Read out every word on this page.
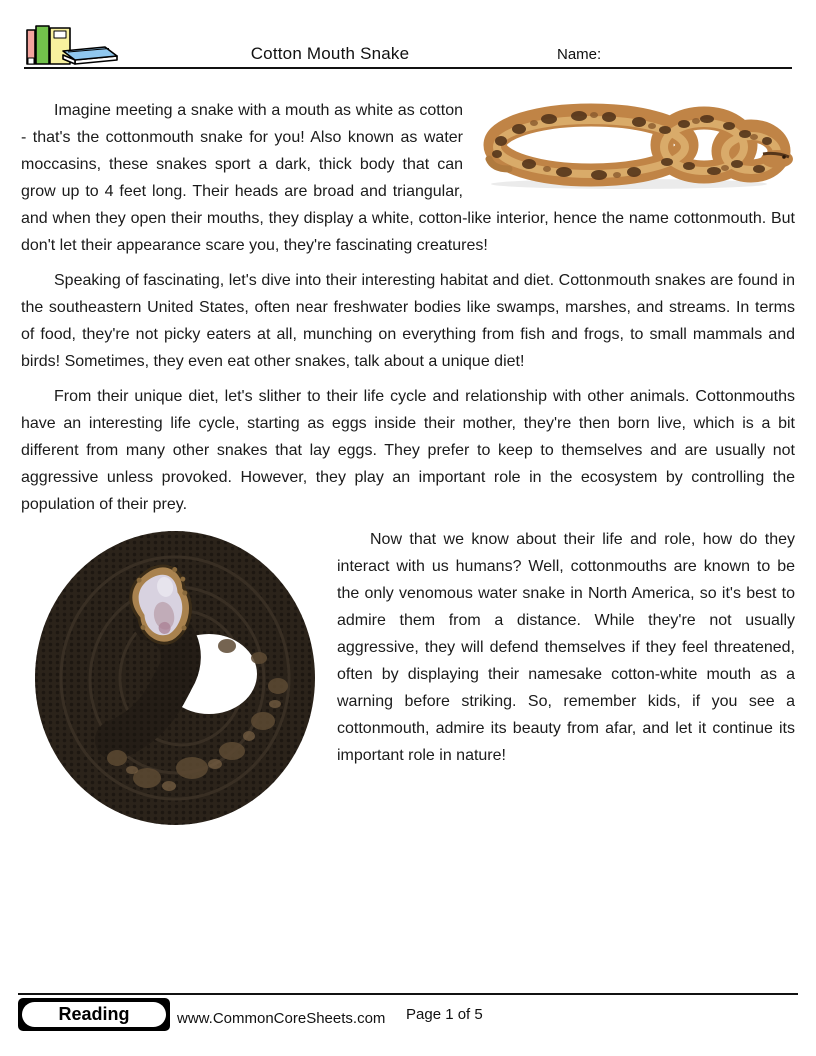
Cotton Mouth Snake	Name:
Imagine meeting a snake with a mouth as white as cotton - that's the cottonmouth snake for you! Also known as water moccasins, these snakes sport a dark, thick body that can grow up to 4 feet long. Their heads are broad and triangular, and when they open their mouths, they display a white, cotton-like interior, hence the name cottonmouth. But don't let their appearance scare you, they're fascinating creatures!
Speaking of fascinating, let's dive into their interesting habitat and diet. Cottonmouth snakes are found in the southeastern United States, often near freshwater bodies like swamps, marshes, and streams. In terms of food, they're not picky eaters at all, munching on everything from fish and frogs, to small mammals and birds! Sometimes, they even eat other snakes, talk about a unique diet!
From their unique diet, let's slither to their life cycle and relationship with other animals. Cottonmouths have an interesting life cycle, starting as eggs inside their mother, they're then born live, which is a bit different from many other snakes that lay eggs. They prefer to keep to themselves and are usually not aggressive unless provoked. However, they play an important role in the ecosystem by controlling the population of their prey.
Now that we know about their life and role, how do they interact with us humans? Well, cottonmouths are known to be the only venomous water snake in North America, so it's best to admire them from a distance. While they're not usually aggressive, they will defend themselves if they feel threatened, often by displaying their namesake cotton-white mouth as a warning before striking. So, remember kids, if you see a cottonmouth, admire its beauty from afar, and let it continue its important role in nature!
Reading	www.CommonCoreSheets.com Page 1 of 5
